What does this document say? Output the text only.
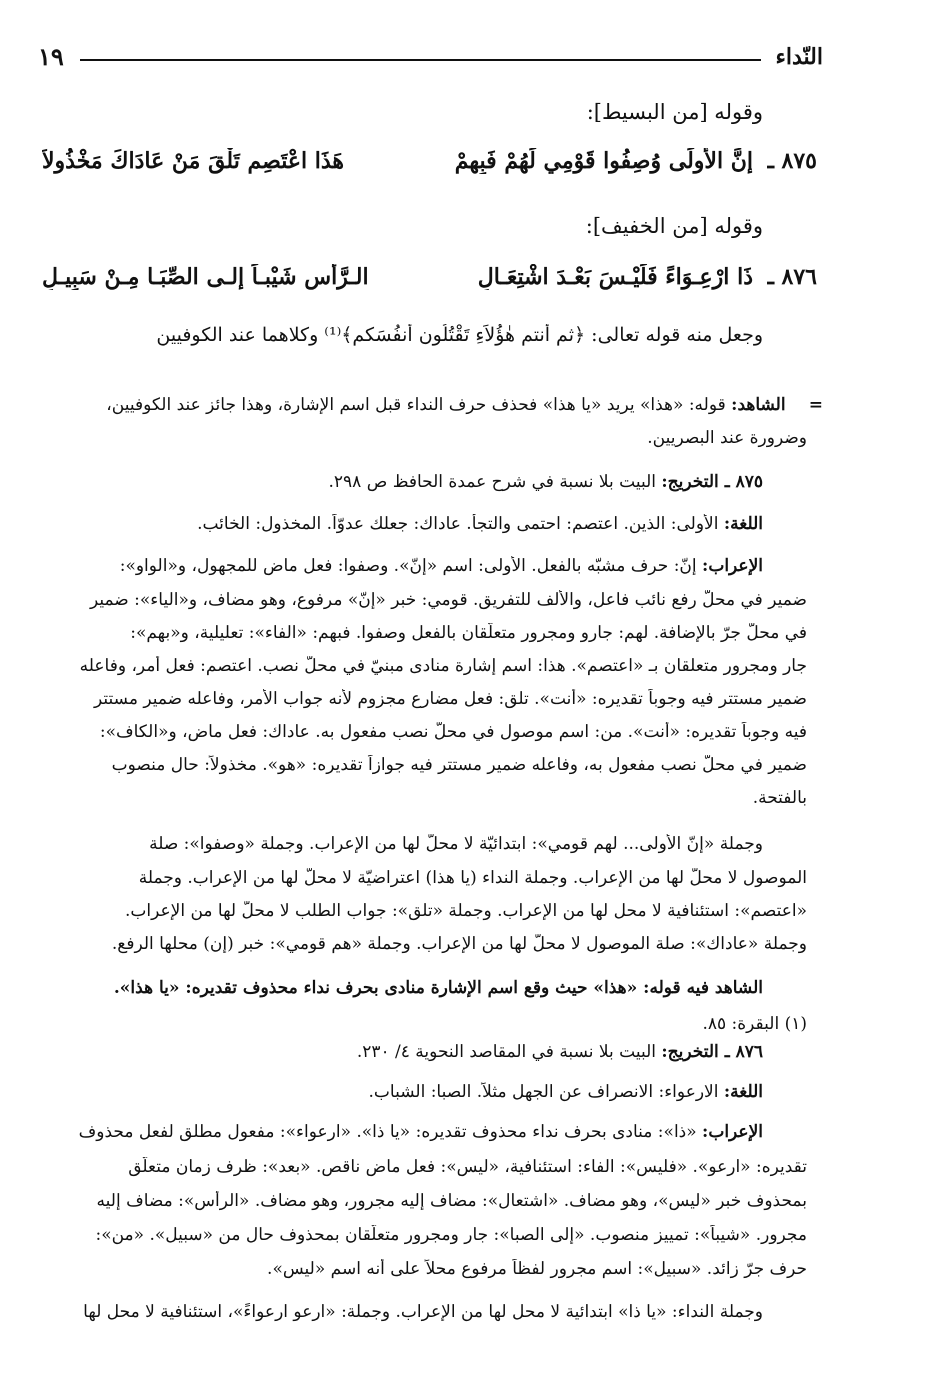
النّداء
١٩
وقوله [من البسيط]:
٨٧٥ ـ
إنَّ الأُولَى وُصِفُوا قَوْمِي لَهُمْ فَبِهِمْ
هَذَا اعْتَصِم تَلْقَ مَنْ عَادَاكَ مَخْذُولاَ
وقوله [من الخفيف]:
٨٧٦ ـ
ذَا ارْعِـوَاءً فَلَيْـسَ بَعْـدَ اشْتِعَـالِ
الـرَّأسِ شَيْبـاً إلـى الصِّبَـا مِـنْ سَبِيـلِ
وجعل منه قوله تعالى: ﴿ثم أنتم هٰؤُلاَءِ تَقْتُلُون أنفُسَكم﴾⁽¹⁾ وكلاهما عند الكوفيين
=    الشاهد: قوله: «هذا» يريد «يا هذا» فحذف حرف النداء قبل اسم الإشارة، وهذا جائز عند الكوفيين،
وضرورة عند البصريين.
٨٧٥ ـ التخريج: البيت بلا نسبة في شرح عمدة الحافظ ص ٢٩٨.
اللغة: الأولى: الذين. اعتصم: احتمى والتجأ. عاداك: جعلك عدوّاً. المخذول: الخائب.
الإعراب: إنّ: حرف مشبّه بالفعل. الأولى: اسم «إنّ». وصفوا: فعل ماضٍ للمجهول، و«الواو»:
ضمير في محلّ رفع نائب فاعل، والألف للتفريق. قومي: خبر «إنّ» مرفوع، وهو مضاف، و«الياء»: ضمير
في محلّ جرّ بالإضافة. لهم: جارو ومجرور متعلّقان بالفعل وصفوا. فبهم: «الفاء»: تعليلية، و«بهم»:
جار ومجرور متعلقان بـ «اعتصم». هذا: اسم إشارة منادى مبنيّ في محلّ نصب. اعتصم: فعل أمر، وفاعله
ضمير مستتر فيه وجوباً تقديره: «أنت». تلق: فعل مضارع مجزوم لأنه جواب الأمر، وفاعله ضمير مستتر
فيه وجوباً تقديره: «أنت». من: اسم موصول في محلّ نصب مفعول به. عاداك: فعل ماضٍ، و«الكاف»:
ضمير في محلّ نصب مفعول به، وفاعله ضمير مستتر فيه جوازاً تقديره: «هو». مخذولاً: حال منصوب
بالفتحة.
وجملة «إنّ الأولى... لهم قومي»: ابتدائيّة لا محلّ لها من الإعراب. وجملة «وصفوا»: صلة
الموصول لا محلّ لها من الإعراب. وجملة النداء (يا هذا) اعتراضيّة لا محلّ لها من الإعراب. وجملة
«اعتصم»: استئنافية لا محل لها من الإعراب. وجملة «تلق»: جواب الطلب لا محلّ لها من الإعراب.
وجملة «عاداك»: صلة الموصول لا محلّ لها من الإعراب. وجملة «هم قومي»: خبر (إن) محلها الرفع.
الشاهد فيه قوله: «هذا» حيث وقع اسم الإشارة منادى بحرف نداء محذوف تقديره: «يا هذا».
(١) البقرة: ٨٥.
٨٧٦ ـ التخريج: البيت بلا نسبة في المقاصد النحوية ٤/ ٢٣٠.
اللغة: الارعواء: الانصراف عن الجهل مثلاً. الصبا: الشباب.
الإعراب: «ذا»: منادى بحرف نداء محذوف تقديره: «يا ذا». «ارعواء»: مفعول مطلق لفعل محذوف
تقديره: «ارعو». «فليس»: الفاء: استئنافية، «ليس»: فعل ماضٍ ناقص. «بعد»: ظرف زمان متعلّق
بمحذوف خبر «ليس»، وهو مضاف. «اشتعال»: مضاف إليه مجرور، وهو مضاف. «الرأس»: مضاف إليه
مجرور. «شيباً»: تمييز منصوب. «إلى الصبا»: جار ومجرور متعلّقان بمحذوف حال من «سبيل». «من»:
حرف جرّ زائد. «سبيل»: اسم مجرور لفظاً مرفوع محلاً على أنه اسم «ليس».
وجملة النداء: «يا ذا» ابتدائية لا محل لها من الإعراب. وجملة: «ارعو ارعواءً»، استئنافية لا محل لها
